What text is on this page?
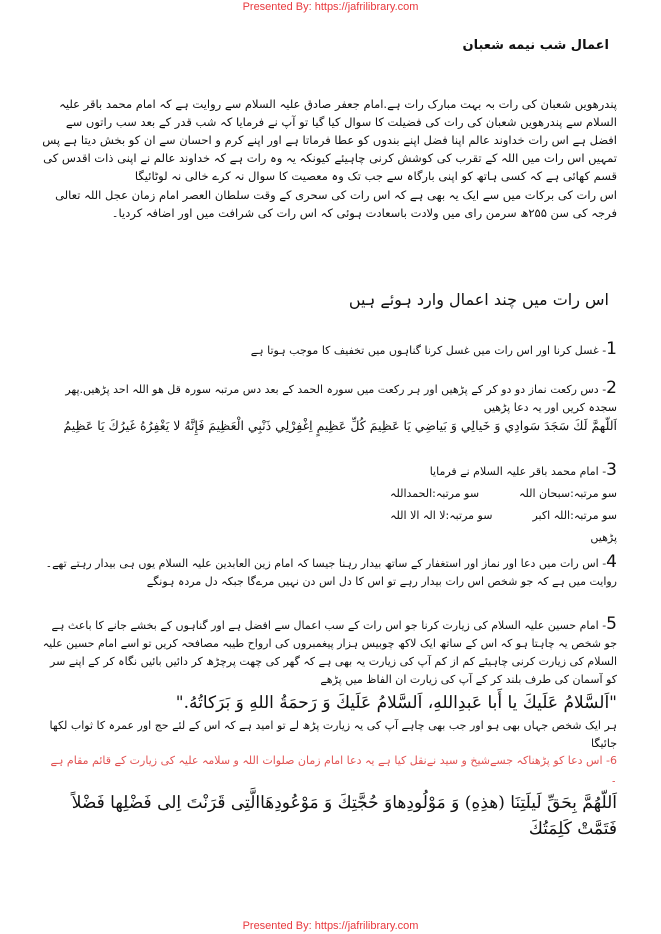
Presented By: https://jafrilibrary.com
اعمال شب نیمه شعبان
پندرھویں شعبان کی رات بہ بہت مبارک رات ہے.امام جعفر صادق علیہ السلام سے روایت ہے کہ امام محمد باقر علیہ السلام سے پندرھویں شعبان کی رات کی فضیلت کا سوال کیا گیا تو آپ نے فرمایا کہ شب قدر کے بعد سب راتوں سے افضل ہے اس رات خداوند عالم اپنا فضل اپنے بندوں کو عطا فرماتا ہے اور اپنے کرم و احسان سے ان کو بخش دیتا ہے پس تمہیں اس رات میں اللہ کے تقرب کی کوشش کرنی چاہیئے کیونکہ یہ وہ رات ہے کہ خداوند عالم نے اپنی ذات اقدس کی قسم کھائی ہے کہ کسی ہاتھ کو اپنی بارگاہ سے جب تک وہ معصیت کا سوال نہ کرے خالی نہ لوٹائیگا
اس رات کی برکات میں سے ایک یہ بھی ہے کہ اس رات کی سحری کے وقت سلطان العصر امام زمان عجل اللہ تعالی فرجہ کی سن ۲۵۵ھ سرمن رای میں ولادت باسعادت ہوئی کہ اس رات کی شرافت میں اور اضافہ کردیا۔
اس رات میں چند اعمال وارد ہوئے ہیں
1- غسل کرنا اور اس رات میں غسل کرنا گناہوں میں تخفیف کا موجب ہوتا ہے
2- دس رکعت نماز دو دو کر کے پڑھیں اور ہر رکعت میں سورہ الحمد کے بعد دس مرتبہ سورہ قل ھو اللہ احد پڑھیں.پھر سجدہ کریں اور یہ دعا پڑھیں
اَللّهمَّ لَكَ سَجَدَ سَوادِي وَ خَيالِي وَ بَياضِي يَا عَظِيمَ كُلِّ عَظِيمٍ اِغْفِرْلِي ذَنْبِي الْعَظِيمَ فَإِنَّهُ لا يَغْفِرُهُ غَيرُكَ يَا عَظِيمُ
3- امام محمد باقر علیہ السلام نے فرمایا
سو مرتبہ:سبحان اللہ
سو مرتبہ:الحمداللہ
سو مرتبہ:اللہ اکبر
سو مرتبہ:لا الہ الا اللہ
پڑھیں
4- اس رات میں دعا اور نماز اور استغفار کے ساتھ بیدار رہنا جیسا کہ امام زین العابدین علیہ السلام یوں ہی بیدار رہتے تھے۔روایت میں ہے کہ جو شخص اس رات بیدار رہے تو اس کا دل اس دن نہیں مرےگا جبکہ دل مردہ ہونگے
5- امام حسین علیہ السلام کی زیارت کرنا جو اس رات کے سب اعمال سے افضل ہے اور گناہوں کے بخشے جانے کا باعث ہے جو شخص یہ چاہتا ہو کہ اس کے ساتھ ایک لاکھ چوبیس ہزار پیغمبروں کی ارواح طیبہ مصافحہ کریں تو اسے امام حسین علیہ السلام کی زیارت کرنی چاہیئے کم از کم آپ کی زیارت یہ بھی ہے کہ گھر کی چھت پرچڑھ کر دائیں بائیں نگاہ کر کے اپنے سر کو آسمان کی طرف بلند کر کے آپ کی زیارت ان الفاظ میں پڑھے
"اَلسَّلامُ عَلَيكَ يا أَبا عَبدِاللهِ، اَلسَّلامُ عَلَيكَ وَ رَحمَةُ اللهِ وَ بَرَكاتُهُ."
ہر ایک شخص جہاں بھی ہو اور جب بھی چاہے آپ کی یہ زیارت پڑھ لے تو امید ہے کہ اس کے لئے حج اور عمرہ کا ثواب لکھا جائیگا
6- اس دعا کو پڑھناکہ جسےشیخ و سید نےنقل کیا ہے یہ دعا امام زمان صلوات اللہ و سلامہ علیہ کی زیارت کے قائم مقام ہے ۔
اَللّهُمَّ بِحَقِّ لَيلَتِنَا (هذِهِ) وَ مَوْلُودِهاوَ حُجَّتِكَ وَ مَوْعُودِهَاالَّتِى قَرَنْتَ اِلى فَضْلِها فَضْلاً فَتَمَّتْ كَلِمَتُكَ
Presented By: https://jafrilibrary.com
